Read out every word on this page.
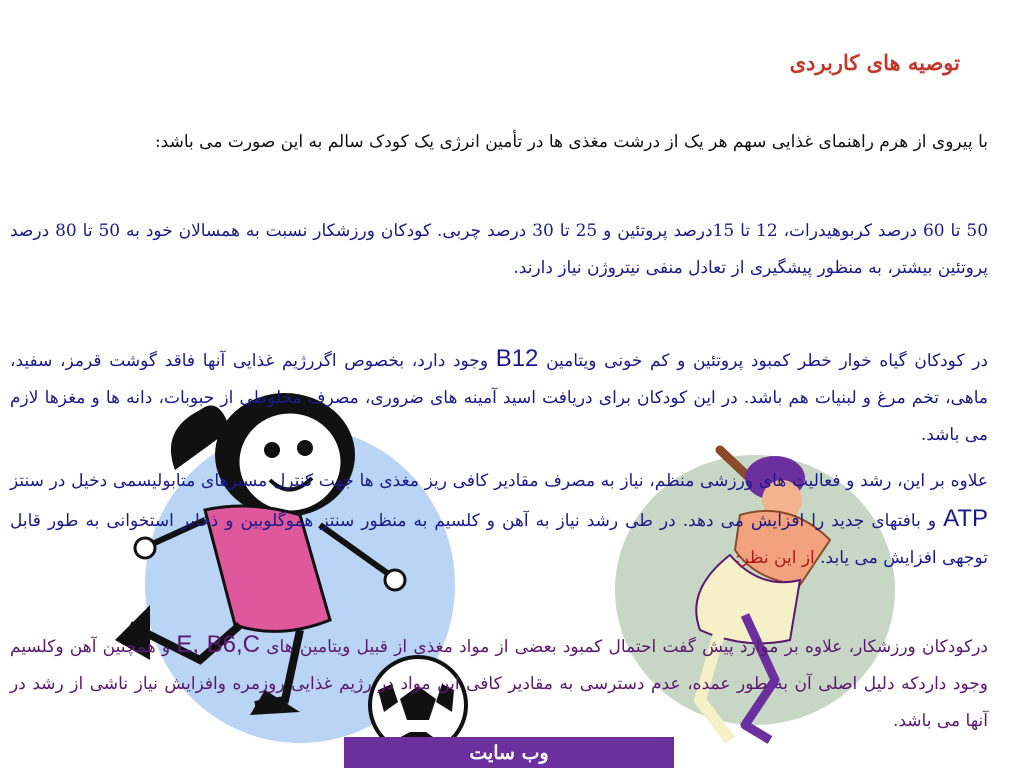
توصیه های کاربردی

با پیروی از هرم راهنمای غذایی سهم هر یک از درشت مغذی ها در تأمین انرژی یک کودک سالم به این صورت می باشد:

50 تا 60 درصد کربوهیدرات، 12 تا 15درصد پروتئین و 25 تا 30 درصد چربی. کودکان ورزشکار نسبت به همسالان خود به 50 تا 80 درصد پروتئین بیشتر، به منظور پیشگیری از تعادل منفی نیتروژن نیاز دارند.

در کودکان گیاه خوار خطر کمبود پروتئین و کم خونی ویتامین B12 وجود دارد، بخصوص اگررژیم غذایی آنها فاقد گوشت قرمز، سفید، ماهی، تخم مرغ و لبنیات هم باشد. در این کودکان برای دریافت اسید آمینه های ضروری، مصرف مخلوطی از حبوبات، دانه ها و مغزها لازم می باشد.

علاوه بر این، رشد و فعالیت های ورزشی منظم، نیاز به مصرف مقادیر کافی ریز مغذی ها جهت کنترل مسیرهای متابولیسمی دخیل در سنتز ATP و بافتهای جدید را افزایش می دهد. در طی رشد نیاز به آهن و کلسیم به منظور سنتز هموگلوبین و ذخایر استخوانی به طور قابل توجهی افزایش می یابد. از این نظر:

درکودکان ورزشکار، علاوه بر موارد پیش گفت احتمال کمبود بعضی از مواد مغذی از قبیل ویتامین های E, B6,C و همچنین آهن وکلسیم وجود داردکه دلیل اصلی آن به طور عمده، عدم دسترسی به مقادیر کافی این مواد در رژیم غذایی روزمره وافزایش نیاز ناشی از رشد در آنها می باشد.

وب سایت
